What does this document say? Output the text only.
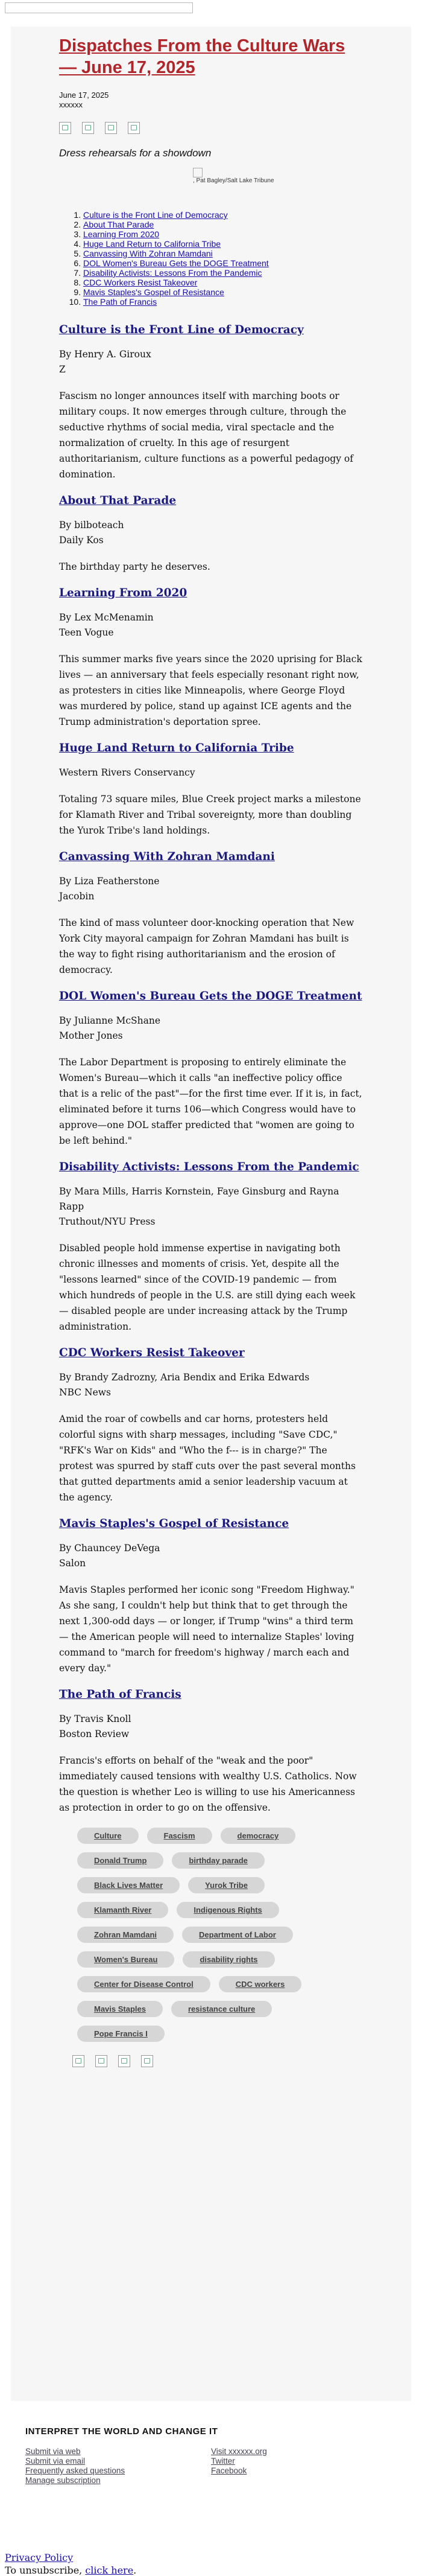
Dispatches From the Culture Wars — June 17, 2025
June 17, 2025
xxxxxx

Dress rehearsals for a showdown

, Pat Bagley/Salt Lake Tribune
1. Culture is the Front Line of Democracy
2. About That Parade
3. Learning From 2020
4. Huge Land Return to California Tribe
5. Canvassing With Zohran Mamdani
6. DOL Women's Bureau Gets the DOGE Treatment
7. Disability Activists: Lessons From the Pandemic
8. CDC Workers Resist Takeover
9. Mavis Staples's Gospel of Resistance
10. The Path of Francis
Culture is the Front Line of Democracy

By Henry A. Giroux
Z

Fascism no longer announces itself with marching boots or military coups. It now emerges through culture, through the seductive rhythms of social media, viral spectacle and the normalization of cruelty. In this age of resurgent authoritarianism, culture functions as a powerful pedagogy of domination.

About That Parade

By bilboteach
Daily Kos

The birthday party he deserves.

Learning From 2020

By Lex McMenamin
Teen Vogue

This summer marks five years since the 2020 uprising for Black lives — an anniversary that feels especially resonant right now, as protesters in cities like Minneapolis, where George Floyd was murdered by police, stand up against ICE agents and the Trump administration's deportation spree.

Huge Land Return to California Tribe

Western Rivers Conservancy

Totaling 73 square miles, Blue Creek project marks a milestone for Klamath River and Tribal sovereignty, more than doubling the Yurok Tribe's land holdings.

Canvassing With Zohran Mamdani

By Liza Featherstone
Jacobin

The kind of mass volunteer door-knocking operation that New York City mayoral campaign for Zohran Mamdani has built is the way to fight rising authoritarianism and the erosion of democracy.

DOL Women's Bureau Gets the DOGE Treatment

By Julianne McShane
Mother Jones

The Labor Department is proposing to entirely eliminate the Women's Bureau—which it calls "an ineffective policy office that is a relic of the past"—for the first time ever. If it is, in fact, eliminated before it turns 106—which Congress would have to approve—one DOL staffer predicted that "women are going to be left behind."

Disability Activists: Lessons From the Pandemic

By Mara Mills, Harris Kornstein, Faye Ginsburg and Rayna Rapp
Truthout/NYU Press

Disabled people hold immense expertise in navigating both chronic illnesses and moments of crisis. Yet, despite all the "lessons learned" since of the COVID-19 pandemic — from which hundreds of people in the U.S. are still dying each week — disabled people are under increasing attack by the Trump administration.

CDC Workers Resist Takeover

By Brandy Zadrozny, Aria Bendix and Erika Edwards
NBC News

Amid the roar of cowbells and car horns, protesters held colorful signs with sharp messages, including "Save CDC," "RFK's War on Kids" and "Who the f--- is in charge?" The protest was spurred by staff cuts over the past several months that gutted departments amid a senior leadership vacuum at the agency.

Mavis Staples's Gospel of Resistance

By Chauncey DeVega
Salon

Mavis Staples performed her iconic song "Freedom Highway." As she sang, I couldn't help but think that to get through the next 1,300-odd days — or longer, if Trump "wins" a third term — the American people will need to internalize Staples' loving command to "march for freedom's highway / march each and every day."

The Path of Francis

By Travis Knoll
Boston Review

Francis's efforts on behalf of the "weak and the poor" immediately caused tensions with wealthy U.S. Catholics. Now the question is whether Leo is willing to use his Americanness as protection in order to go on the offensive.

Culture	Fascism	democracy
Donald Trump	birthday parade
Black Lives Matter	Yurok Tribe
Klamanth River	Indigenous Rights
Zohran Mamdani	Department of Labor
Women's Bureau	disability rights
Center for Disease Control	CDC workers
Mavis Staples	resistance culture
Pope Francis I
INTERPRET THE WORLD AND CHANGE IT
Submit via web
Submit via email
Frequently asked questions
Manage subscription
Visit xxxxxx.org
Twitter
Facebook
Privacy Policy
To unsubscribe, click here.
